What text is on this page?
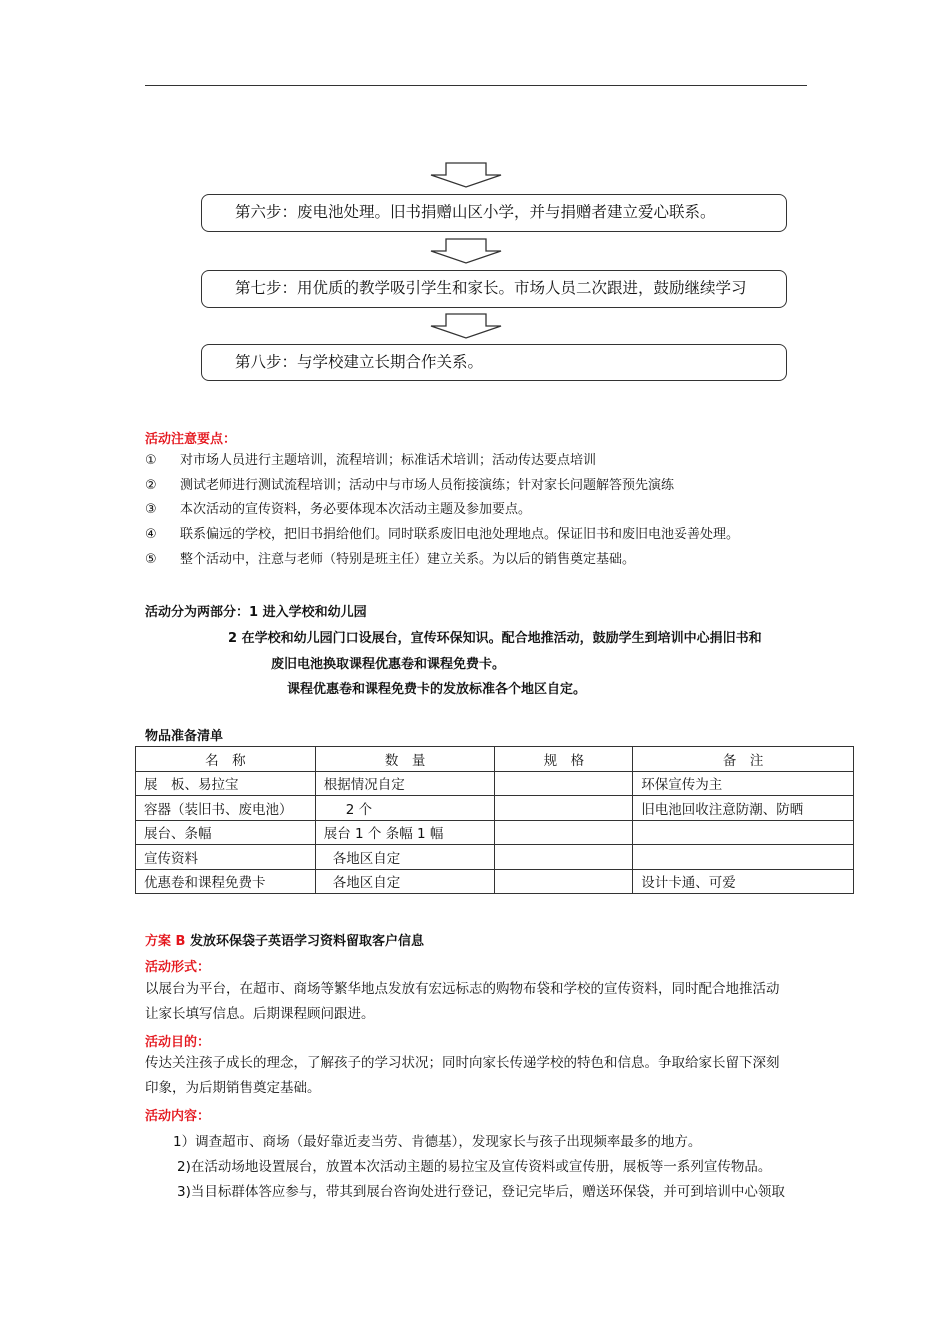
第六步：废电池处理。旧书捐赠山区小学，并与捐赠者建立爱心联系。
第七步：用优质的教学吸引学生和家长。市场人员二次跟进，鼓励继续学习
第八步：与学校建立长期合作关系。
活动注意要点：
①	对市场人员进行主题培训，流程培训；标准话术培训；活动传达要点培训
②	测试老师进行测试流程培训；活动中与市场人员衔接演练；针对家长问题解答预先演练
③	本次活动的宣传资料，务必要体现本次活动主题及参加要点。
④	联系偏远的学校，把旧书捐给他们。同时联系废旧电池处理地点。保证旧书和废旧电池妥善处理。
⑤	整个活动中，注意与老师（特别是班主任）建立关系。为以后的销售奠定基础。
活动分为两部分：1 进入学校和幼儿园
2 在学校和幼儿园门口设展台，宣传环保知识。配合地推活动，鼓励学生到培训中心捐旧书和
废旧电池换取课程优惠卷和课程免费卡。
课程优惠卷和课程免费卡的发放标准各个地区自定。
物品准备清单
名　称	数　量	规　格	备　注
展　板、易拉宝	根据情况自定		环保宣传为主
容器（装旧书、废电池）	2 个		旧电池回收注意防潮、防晒
展台、条幅	展台 1 个 条幅 1 幅		
宣传资料	各地区自定		
优惠卷和课程免费卡	各地区自定		设计卡通、可爱
方案 B 发放环保袋子英语学习资料留取客户信息
活动形式：
以展台为平台，在超市、商场等繁华地点发放有宏远标志的购物布袋和学校的宣传资料，同时配合地推活动
让家长填写信息。后期课程顾问跟进。
活动目的：
传达关注孩子成长的理念，了解孩子的学习状况；同时向家长传递学校的特色和信息。争取给家长留下深刻
印象，为后期销售奠定基础。
活动内容：
1）调查超市、商场（最好靠近麦当劳、肯德基），发现家长与孩子出现频率最多的地方。
2)在活动场地设置展台，放置本次活动主题的易拉宝及宣传资料或宣传册，展板等一系列宣传物品。
3)当目标群体答应参与，带其到展台咨询处进行登记，登记完毕后，赠送环保袋，并可到培训中心领取
